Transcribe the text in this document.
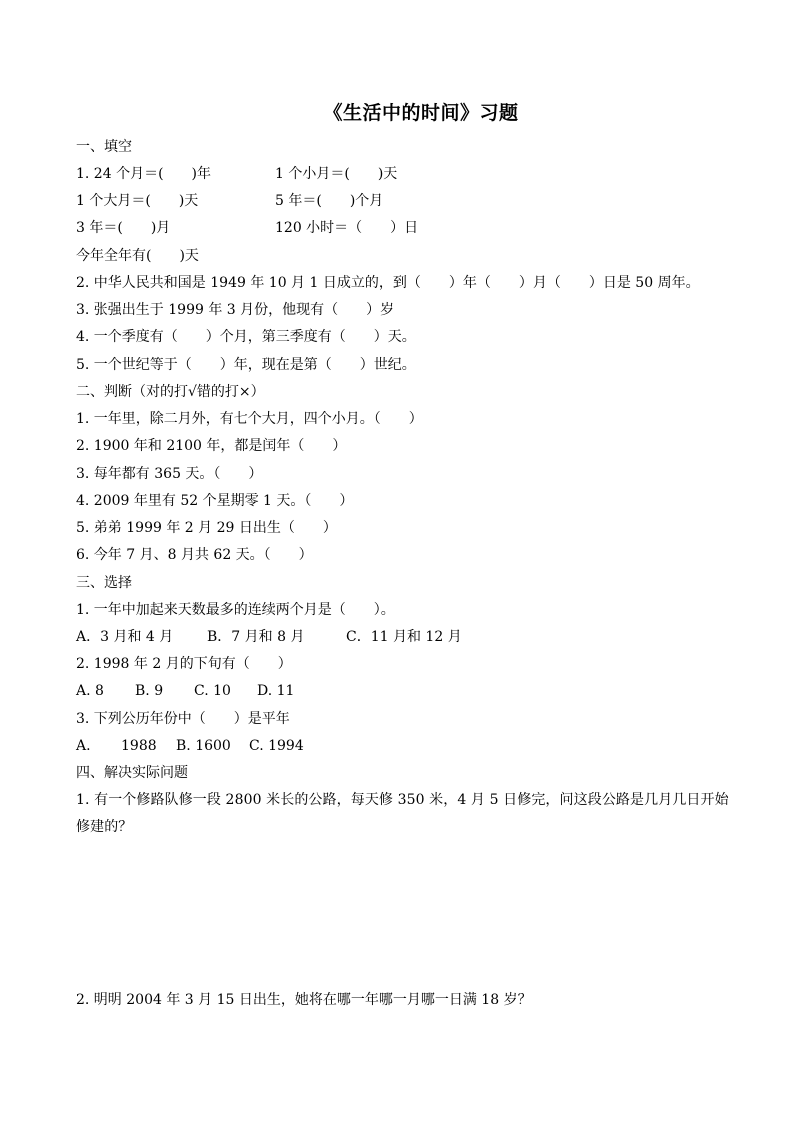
《生活中的时间》习题
一、填空
1. 24 个月＝(　　)年	1 个小月＝(　　)天
1 个大月＝(　　)天	5 年＝(　　)个月
3 年＝(　　)月	120 小时＝（　　）日
今年全年有(　　)天
2. 中华人民共和国是 1949 年 10 月 1 日成立的，到（　　）年（　　）月（　　）日是 50 周年。
3. 张强出生于 1999 年 3 月份，他现有（　　）岁
4. 一个季度有（　　）个月，第三季度有（　　）天。
5. 一个世纪等于（　　）年，现在是第（　　）世纪。
二、判断（对的打√错的打×）
1. 一年里，除二月外，有七个大月，四个小月。（　　）
2. 1900 年和 2100 年，都是闰年（　　）
3. 每年都有 365 天。（　　）
4. 2009 年里有 52 个星期零 1 天。（　　）
5. 弟弟 1999 年 2 月 29 日出生（　　）
6. 今年 7 月、8 月共 62 天。（　　）
三、选择
1. 一年中加起来天数最多的连续两个月是（　　）。
A．3 月和 4 月 B．7 月和 8 月	C．11 月和 12 月
2. 1998 年 2 月的下旬有（　　）
A. 8 B. 9 C. 10 D. 11
3. 下列公历年份中（　　）是平年
A. 1988 B. 1600 C. 1994
四、解决实际问题
1. 有一个修路队修一段 2800 米长的公路，每天修 350 米，4 月 5 日修完，问这段公路是几月几日开始修建的？
2. 明明 2004 年 3 月 15 日出生，她将在哪一年哪一月哪一日满 18 岁？
